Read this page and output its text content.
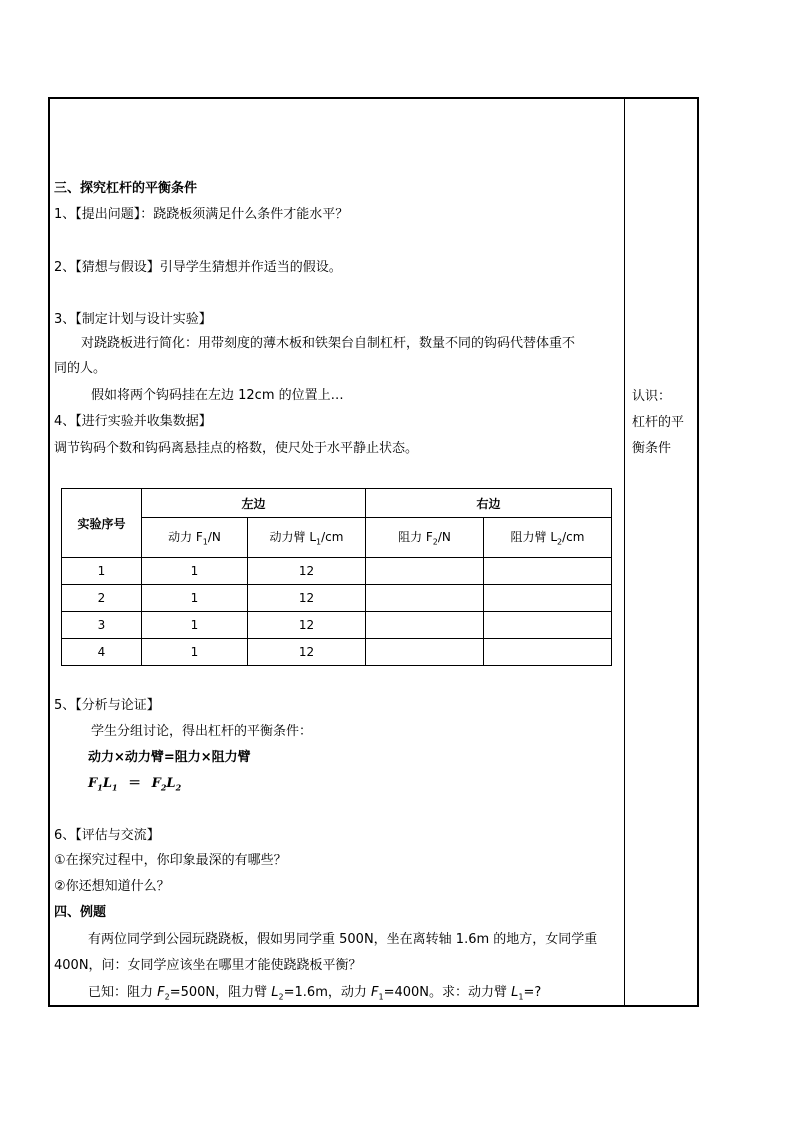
三、探究杠杆的平衡条件
1、【提出问题】：跷跷板须满足什么条件才能水平？
2、【猜想与假设】引导学生猜想并作适当的假设。
3、【制定计划与设计实验】
对跷跷板进行简化：用带刻度的薄木板和铁架台自制杠杆，数量不同的钩码代替体重不
同的人。
假如将两个钩码挂在左边 12cm 的位置上…
4、【进行实验并收集数据】
调节钩码个数和钩码离悬挂点的格数，使尺处于水平静止状态。
实验序号	左边		右边	
	动力 $F_1/N$	动力臂 $L_1/cm$	阻力 $F_2/N$	阻力臂 $L_2/cm$
1	1	12		
2	1	12		
3	1	12		
4	1	12		
5、【分析与论证】
学生分组讨论，得出杠杆的平衡条件：
动力×动力臂=阻力×阻力臂
$F_1L_1 = F_2L_2$
6、【评估与交流】
①在探究过程中，你印象最深的有哪些？
②你还想知道什么？
四、例题
有两位同学到公园玩跷跷板，假如男同学重 500N，坐在离转轴 1.6m 的地方，女同学重
400N，问：女同学应该坐在哪里才能使跷跷板平衡？
已知：阻力 $F_2=500N$，阻力臂 $L_2=1.6m$，动力 $F_1=400N$。求：动力臂 $L_1=$?
认识：
杠杆的平
衡条件
